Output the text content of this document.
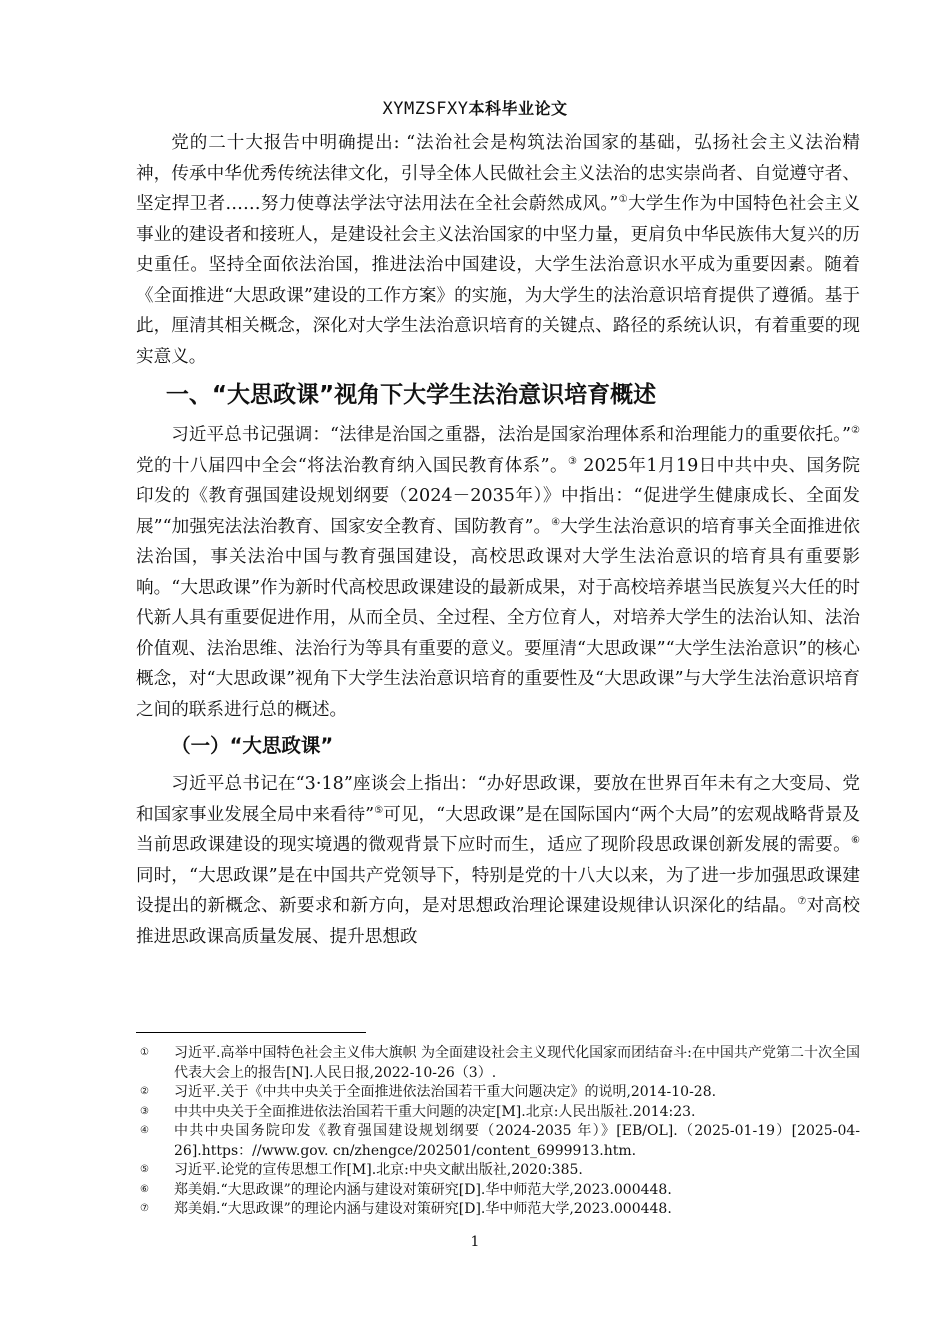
XYMZSFXY本科毕业论文

党的二十大报告中明确提出: “法治社会是构筑法治国家的基础，弘扬社会主义法治精神，传承中华优秀传统法律文化，引导全体人民做社会主义法治的忠实崇尚者、自觉遵守者、坚定捍卫者……努力使尊法学法守法用法在全社会蔚然成风。”①大学生作为中国特色社会主义事业的建设者和接班人，是建设社会主义法治国家的中坚力量，更肩负中华民族伟大复兴的历史重任。坚持全面依法治国，推进法治中国建设，大学生法治意识水平成为重要因素。随着《全面推进“大思政课”建设的工作方案》的实施，为大学生的法治意识培育提供了遵循。基于此，厘清其相关概念，深化对大学生法治意识培育的关键点、路径的系统认识，有着重要的现实意义。

一、“大思政课”视角下大学生法治意识培育概述

习近平总书记强调：“法律是治国之重器，法治是国家治理体系和治理能力的重要依托。”②党的十八届四中全会“将法治教育纳入国民教育体系”。③ 2025年1月19日中共中央、国务院印发的《教育强国建设规划纲要（2024－2035年）》中指出：“促进学生健康成长、全面发展”“加强宪法法治教育、国家安全教育、国防教育”。④大学生法治意识的培育事关全面推进依法治国，事关法治中国与教育强国建设，高校思政课对大学生法治意识的培育具有重要影响。“大思政课”作为新时代高校思政课建设的最新成果，对于高校培养堪当民族复兴大任的时代新人具有重要促进作用，从而全员、全过程、全方位育人，对培养大学生的法治认知、法治价值观、法治思维、法治行为等具有重要的意义。要厘清“大思政课”“大学生法治意识”的核心概念，对“大思政课”视角下大学生法治意识培育的重要性及“大思政课”与大学生法治意识培育之间的联系进行总的概述。

（一）“大思政课”

习近平总书记在“3·18”座谈会上指出：“办好思政课，要放在世界百年未有之大变局、党和国家事业发展全局中来看待”⑤可见，“大思政课”是在国际国内“两个大局”的宏观战略背景及当前思政课建设的现实境遇的微观背景下应时而生，适应了现阶段思政课创新发展的需要。⑥同时，“大思政课”是在中国共产党领导下，特别是党的十八大以来，为了进一步加强思政课建设提出的新概念、新要求和新方向，是对思想政治理论课建设规律认识深化的结晶。⑦对高校推进思政课高质量发展、提升思想政

① 习近平.高举中国特色社会主义伟大旗帜 为全面建设社会主义现代化国家而团结奋斗:在中国共产党第二十次全国代表大会上的报告[N].人民日报,2022-10-26（3）.
② 习近平.关于《中共中央关于全面推进依法治国若干重大问题决定》的说明,2014-10-28.
③ 中共中央关于全面推进依法治国若干重大问题的决定[M].北京:人民出版社.2014:23.
④ 中共中央国务院印发《教育强国建设规划纲要（2024-2035 年）》[EB/OL].（2025-01-19）[2025-04-26].https：//www.gov. cn/zhengce/202501/content_6999913.htm.
⑤ 习近平.论党的宣传思想工作[M].北京:中央文献出版社,2020:385.
⑥ 郑美娟.“大思政课”的理论内涵与建设对策研究[D].华中师范大学,2023.000448.
⑦ 郑美娟.“大思政课”的理论内涵与建设对策研究[D].华中师范大学,2023.000448.
1
